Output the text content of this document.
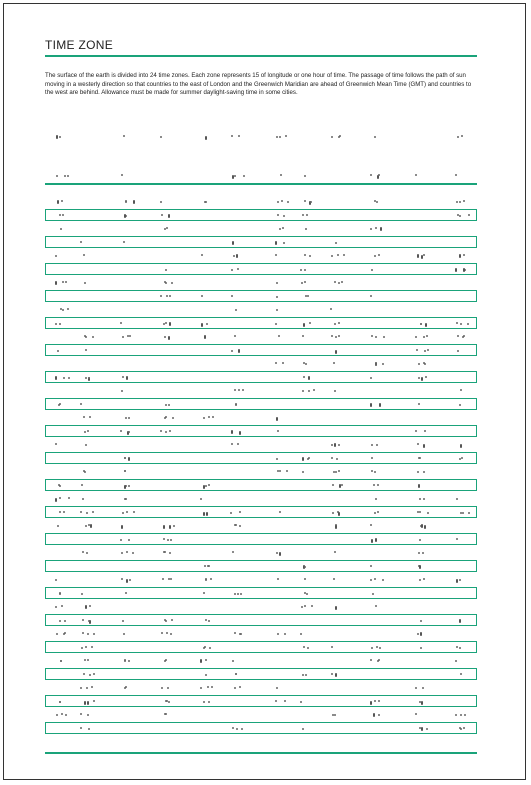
TIME ZONE

The surface of the earth is divided into 24 time zones. Each zone represents 15 of longitude or one hour of time. The passage of time follows the path of sun moving in a westerly direction so that countries to the east of London and the Greenwich Maridian are ahead of Greenwich Mean Time (GMT) and countries to the west are behind. Allowance must be made for summer daylight-saving time in some cities.
